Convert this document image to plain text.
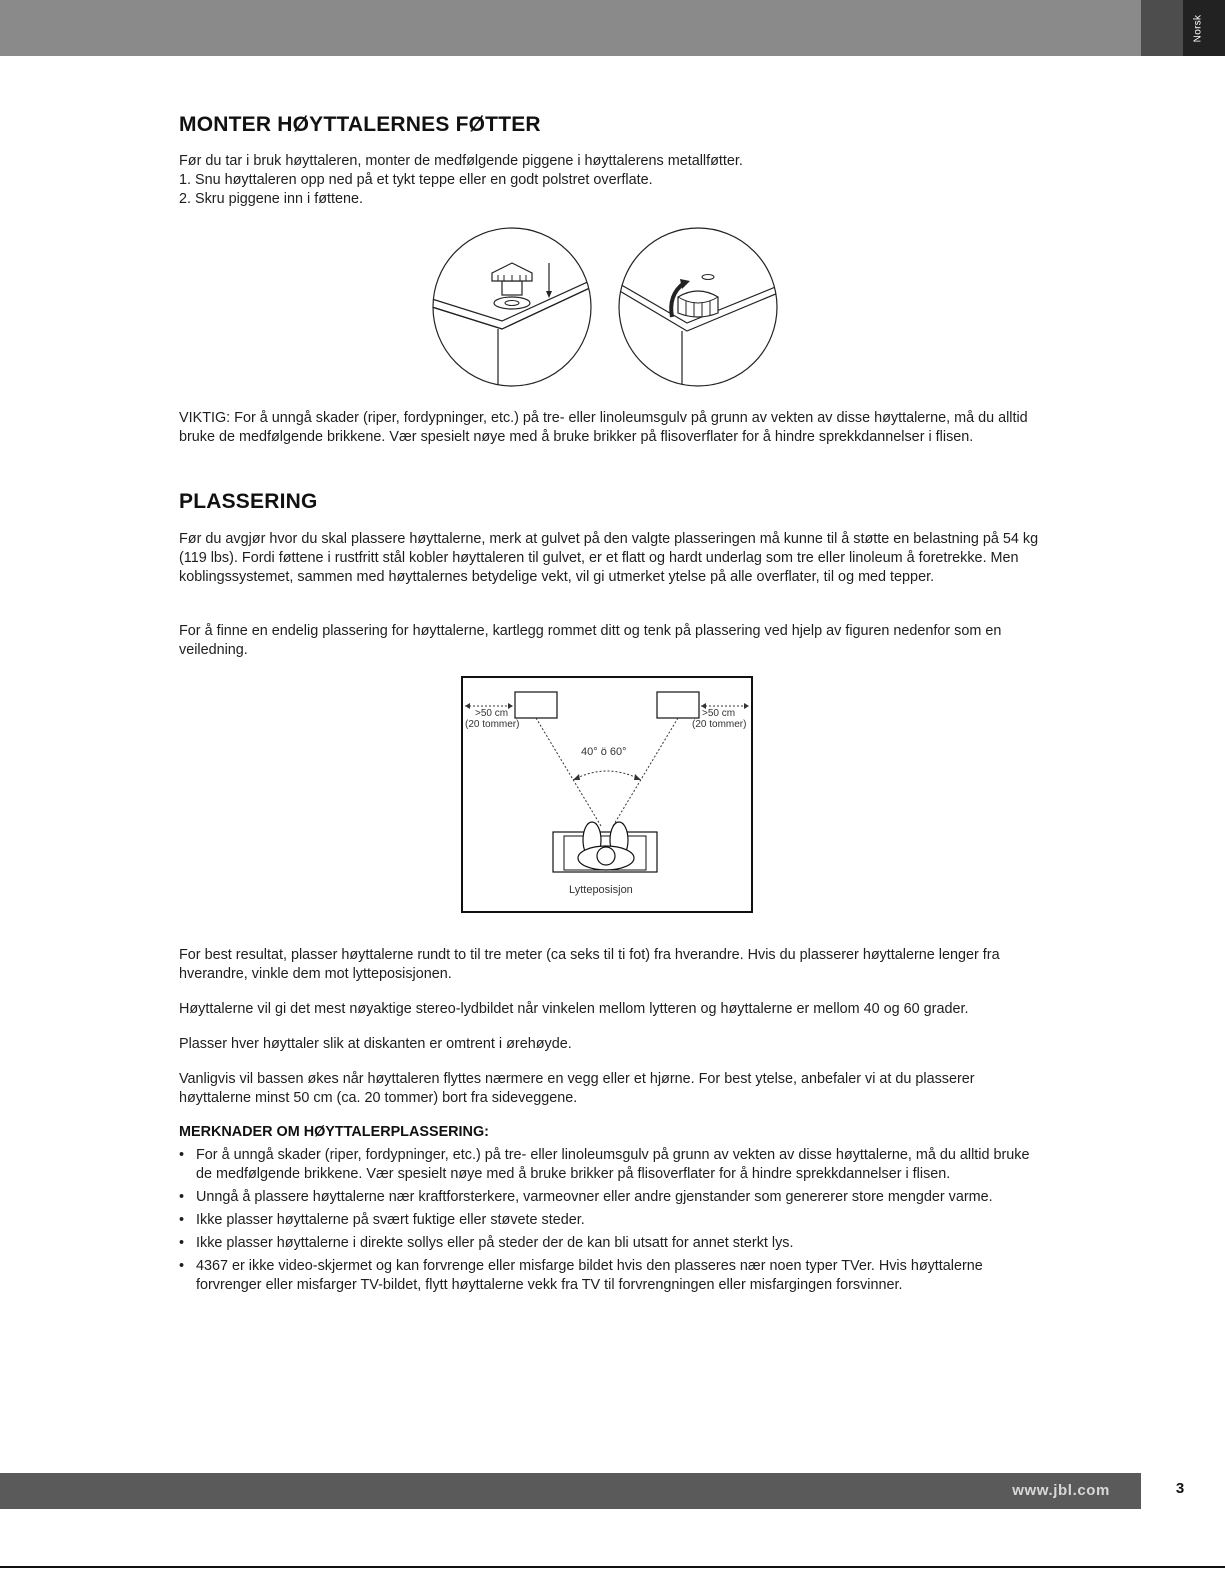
Norsk
MONTER HØYTTALERNES FØTTER

Før du tar i bruk høyttaleren, monter de medfølgende piggene i høyttalerens metallføtter.

1. Snu høyttaleren opp ned på et tykt teppe eller en godt polstret overflate.

2. Skru piggene inn i føttene.

VIKTIG: For å unngå skader (riper, fordypninger, etc.) på tre- eller linoleumsgulv på grunn av vekten av disse høyttalerne, må du alltid bruke de medfølgende brikkene. Vær spesielt nøye med å bruke brikker på flisoverflater for å hindre sprekkdannelser i flisen.

PLASSERING

Før du avgjør hvor du skal plassere høyttalerne, merk at gulvet på den valgte plasseringen må kunne til å støtte en belastning på 54 kg (119 lbs). Fordi føttene i rustfritt stål kobler høyttaleren til gulvet, er et flatt og hardt underlag som tre eller linoleum å foretrekke. Men koblingssystemet, sammen med høyttalernes betydelige vekt, vil gi utmerket ytelse på alle overflater, til og med tepper.

For å finne en endelig plassering for høyttalerne, kartlegg rommet ditt og tenk på plassering ved hjelp av figuren nedenfor som en veiledning.

For best resultat, plasser høyttalerne rundt to til tre meter (ca seks til ti fot) fra hverandre. Hvis du plasserer høyttalerne lenger fra hverandre, vinkle dem mot lytteposisjonen.

Høyttalerne vil gi det mest nøyaktige stereo-lydbildet når vinkelen mellom lytteren og høyttalerne er mellom 40 og 60 grader.

Plasser hver høyttaler slik at diskanten er omtrent i ørehøyde.

Vanligvis vil bassen økes når høyttaleren flyttes nærmere en vegg eller et hjørne. For best ytelse, anbefaler vi at du plasserer høyttalerne minst 50 cm (ca. 20 tommer) bort fra sideveggene.

MERKNADER OM HØYTTALERPLASSERING:

• For å unngå skader (riper, fordypninger, etc.) på tre- eller linoleumsgulv på grunn av vekten av disse høyttalerne, må du alltid bruke de medfølgende brikkene. Vær spesielt nøye med å bruke brikker på flisoverflater for å hindre sprekkdannelser i flisen.
• Unngå å plassere høyttalerne nær kraftforsterkere, varmeovner eller andre gjenstander som genererer store mengder varme.
• Ikke plasser høyttalerne på svært fuktige eller støvete steder.
• Ikke plasser høyttalerne i direkte sollys eller på steder der de kan bli utsatt for annet sterkt lys.
• 4367 er ikke video-skjermet og kan forvrenge eller misfarge bildet hvis den plasseres nær noen typer TVer. Hvis høyttalerne forvrenger eller misfarger TV-bildet, flytt høyttalerne vekk fra TV til forvrengningen eller misfargingen forsvinner.
>50 cm
(20 tommer)
>50 cm
(20 tommer)
40° ö 60°
Lytteposisjon
www.jbl.com	3
